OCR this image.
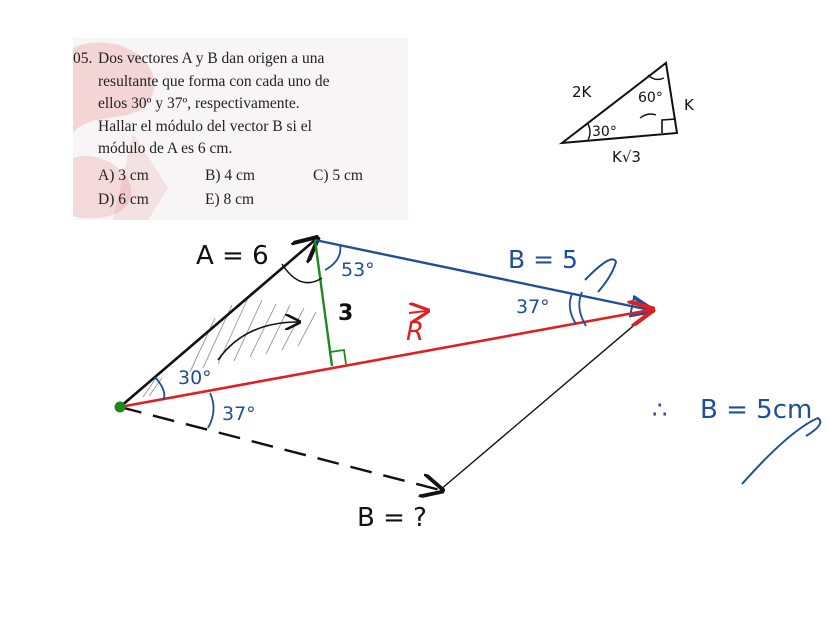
05. Dos vectores A y B dan origen a una
resultante que forma con cada uno de
ellos 30º y 37º, respectivamente.
Hallar el módulo del vector B si el
módulo de A es 6 cm.
A) 3 cm	B) 4 cm	C) 5 cm
D) 6 cm	E) 8 cm
A = 6	B = 5
3
53°
37°
30°
37°
R
B = ?
∴ B = 5cm
2K	60° K
30°
K√3
